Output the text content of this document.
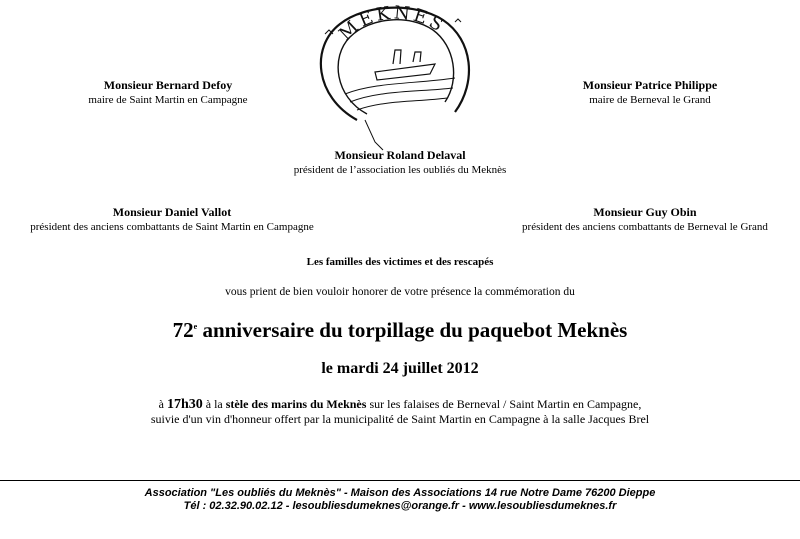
MEKNES
Monsieur Bernard Defoy
maire de Saint Martin en Campagne
Monsieur Patrice Philippe
maire de Berneval le Grand
Monsieur Roland Delaval
président de l’association les oubliés du Meknès
Monsieur Daniel Vallot
président des anciens combattants de Saint Martin en Campagne
Monsieur Guy Obin
président des anciens combattants de Berneval le Grand
Les familles des victimes et des rescapés
vous prient de bien vouloir honorer de votre présence la commémoration du
72e anniversaire du torpillage du paquebot Meknès
le mardi 24 juillet 2012
à 17h30 à la stèle des marins du Meknès sur les falaises de Berneval / Saint Martin en Campagne,
suivie d'un vin d'honneur offert par la municipalité de Saint Martin en Campagne à la salle Jacques Brel
Association "Les oubliés du Meknès" - Maison des Associations 14 rue Notre Dame 76200 Dieppe
Tél : 02.32.90.02.12 - lesoubliesdumeknes@orange.fr - www.lesoubliesdumeknes.fr
